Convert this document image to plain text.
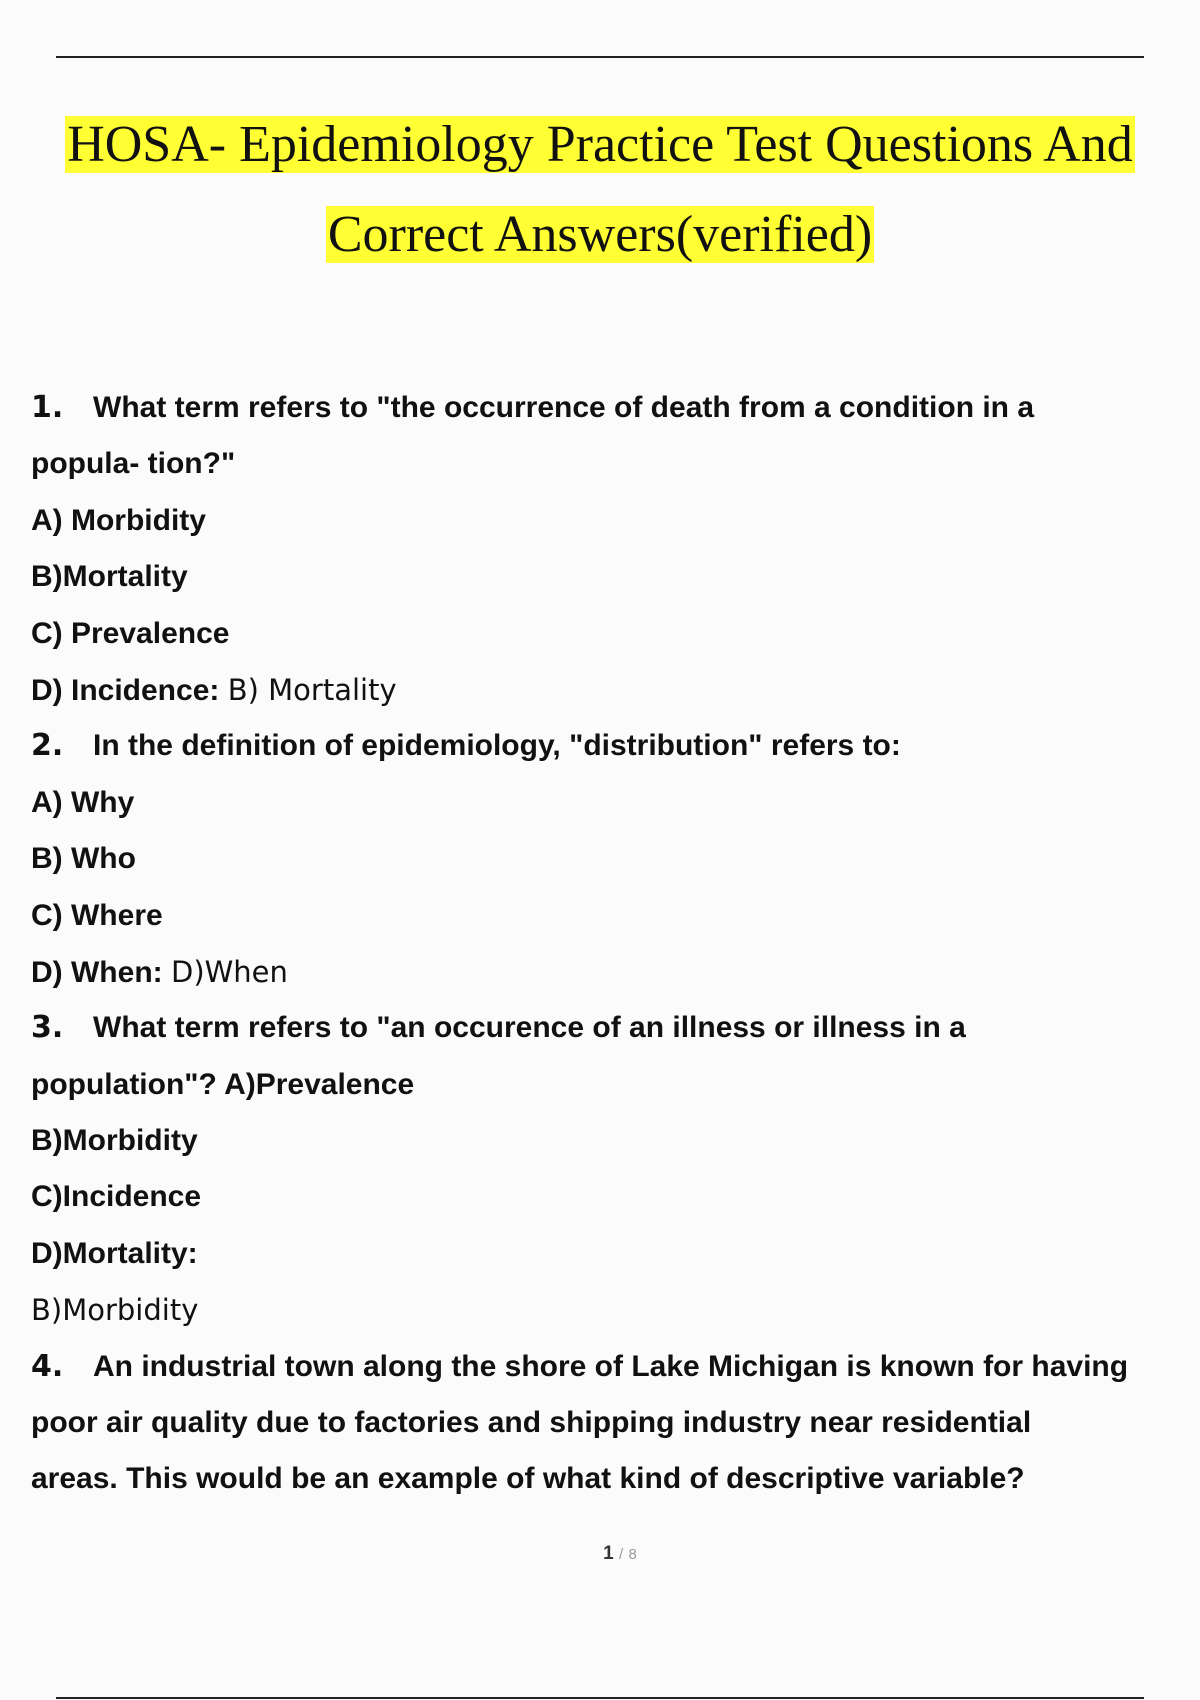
HOSA- Epidemiology Practice Test Questions And
Correct Answers(verified)
1. What term refers to "the occurrence of death from a condition in a
popula- tion?"
A) Morbidity
B)Mortality
C) Prevalence
D) Incidence: B) Mortality
2. In the definition of epidemiology, "distribution" refers to:
A) Why
B) Who
C) Where
D) When: D)When
3. What term refers to "an occurence of an illness or illness in a
population"? A)Prevalence
B)Morbidity
C)Incidence
D)Mortality:
B)Morbidity
4. An industrial town along the shore of Lake Michigan is known for having
poor air quality due to factories and shipping industry near residential
areas. This would be an example of what kind of descriptive variable?
1 / 8
